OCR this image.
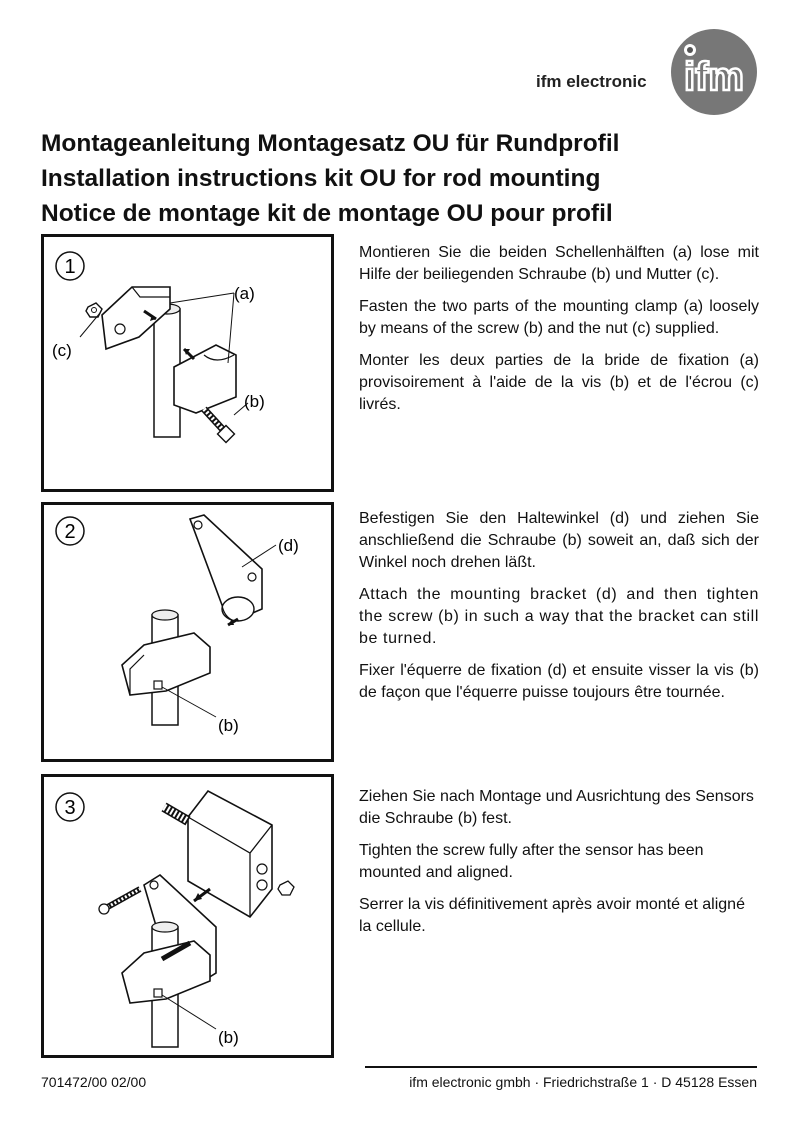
ifm electronic ifm
Montageanleitung Montagesatz OU für Rundprofil
Installation instructions kit OU for rod mounting
Notice de montage kit de montage OU pour profil
1
(a)
(c)
(b)

Montieren Sie die beiden Schellenhälften (a) lose mit Hilfe der beiliegenden Schraube (b) und Mutter (c).

Fasten the two parts of the mounting clamp (a) loosely by means of the screw (b) and the nut (c) supplied.

Monter les deux parties de la bride de fixation (a) provisoirement à l'aide de la vis (b) et de l'écrou (c) livrés.

2
(d)
(b)

Befestigen Sie den Haltewinkel (d) und ziehen Sie anschließend die Schraube (b) soweit an, daß sich der Winkel noch drehen läßt.

Attach the mounting bracket (d) and then tighten the screw (b) in such a way that the bracket can still be turned.

Fixer l'équerre de fixation (d) et ensuite visser la vis (b) de façon que l'équerre puisse toujours être tournée.

3
(b)

Ziehen Sie nach Montage und Ausrichtung des Sensors die Schraube (b) fest.

Tighten the screw fully after the sensor has been mounted and aligned.

Serrer la vis définitivement après avoir monté et aligné la cellule.

701472/00 02/00	ifm electronic gmbh · Friedrichstraße 1 · D 45128 Essen
